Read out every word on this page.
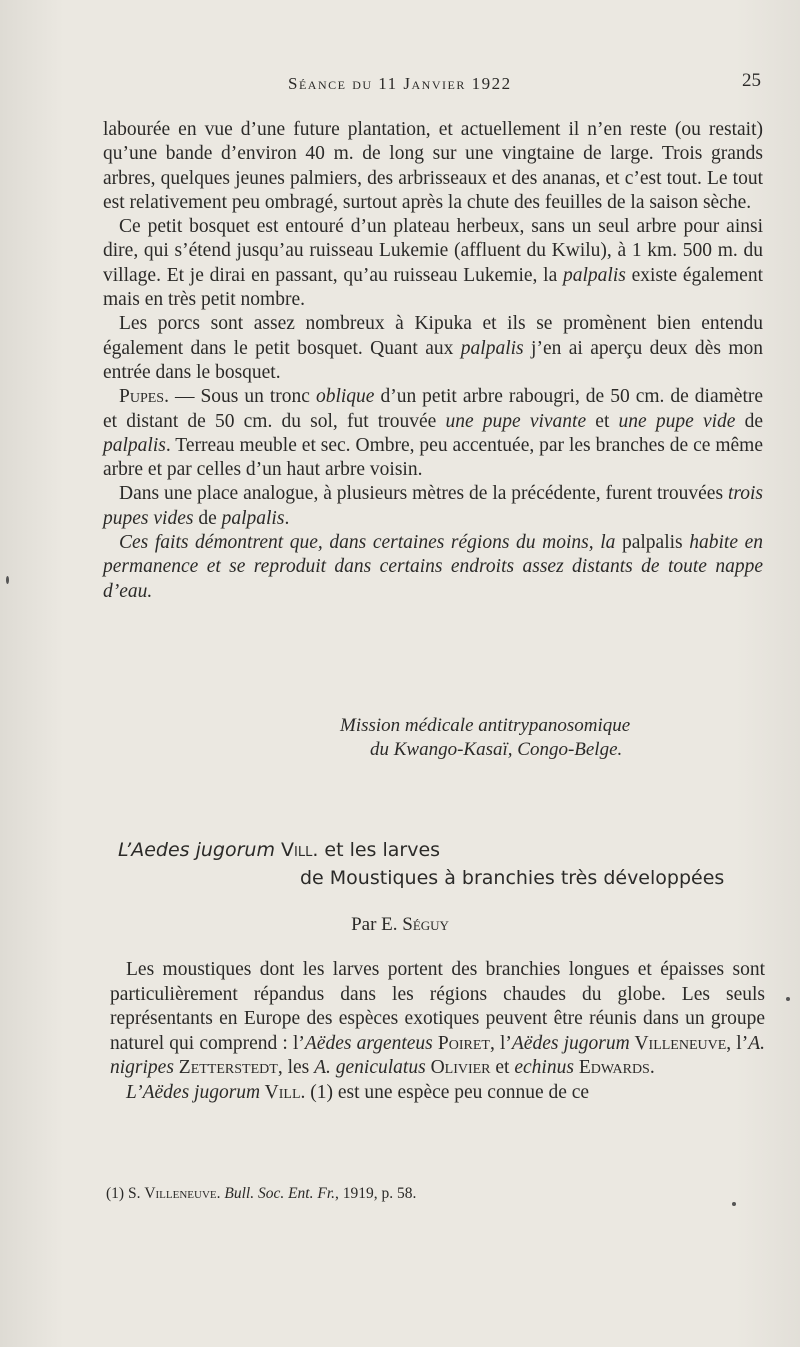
Séance du 11 Janvier 1922	25

labourée en vue d’une future plantation, et actuellement il n’en reste (ou restait) qu’une bande d’environ 40 m. de long sur une vingtaine de large. Trois grands arbres, quelques jeunes palmiers, des arbrisseaux et des ananas, et c’est tout. Le tout est relativement peu ombragé, surtout après la chute des feuilles de la saison sèche.

Ce petit bosquet est entouré d’un plateau herbeux, sans un seul arbre pour ainsi dire, qui s’étend jusqu’au ruisseau Lukemie (affluent du Kwilu), à 1 km. 500 m. du village. Et je dirai en passant, qu’au ruisseau Lukemie, la palpalis existe également mais en très petit nombre.

Les porcs sont assez nombreux à Kipuka et ils se promènent bien entendu également dans le petit bosquet. Quant aux palpalis j’en ai aperçu deux dès mon entrée dans le bosquet.

Pupes. — Sous un tronc oblique d’un petit arbre rabougri, de 50 cm. de diamètre et distant de 50 cm. du sol, fut trouvée une pupe vivante et une pupe vide de palpalis. Terreau meuble et sec. Ombre, peu accentuée, par les branches de ce même arbre et par celles d’un haut arbre voisin.

Dans une place analogue, à plusieurs mètres de la précédente, furent trouvées trois pupes vides de palpalis.

Ces faits démontrent que, dans certaines régions du moins, la palpalis habite en permanence et se reproduit dans certains endroits assez distants de toute nappe d’eau.

Mission médicale antitrypanosomique
du Kwango-Kasaï, Congo-Belge.
L’Aedes jugorum Vill. et les larves
de Moustiques à branchies très développées
Par E. Séguy

Les moustiques dont les larves portent des branchies longues et épaisses sont particulièrement répandus dans les régions chaudes du globe. Les seuls représentants en Europe des espèces exotiques peuvent être réunis dans un groupe naturel qui comprend : l’Aëdes argenteus Poiret, l’Aëdes jugorum Villeneuve, l’A. nigripes Zetterstedt, les A. geniculatus Olivier et echinus Edwards.

L’Aëdes jugorum Vill. (1) est une espèce peu connue de ce

(1) S. Villeneuve. Bull. Soc. Ent. Fr., 1919, p. 58.
